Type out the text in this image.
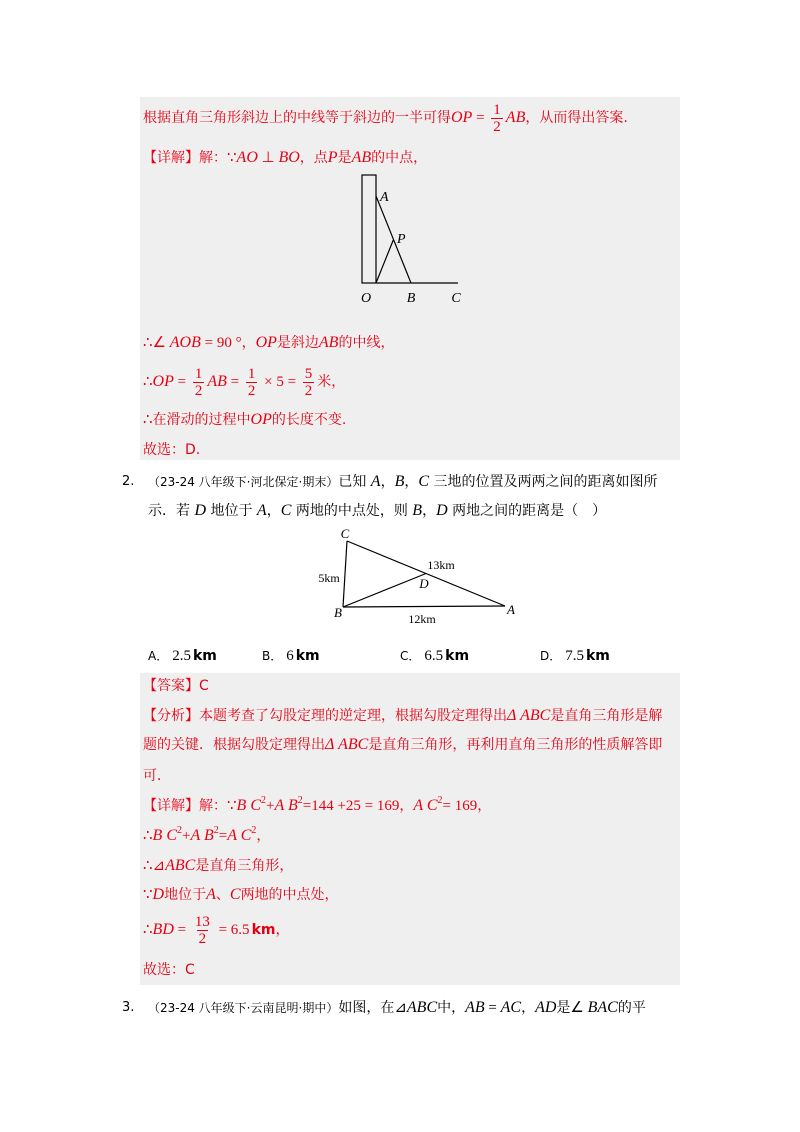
根据直角三角形斜边上的中线等于斜边的一半可得 OP = $\frac{1}{2}$ AB ，从而得出答案.
【详解】解： ∵ AO ⊥ BO ，点 P 是 AB 的中点，
A
P
O	B	C
∴∠ AOB = 90 ° ， OP 是斜边 AB 的中线，
∴ OP = $\frac{1}{2}$ AB = $\frac{1}{2} \times 5 = \frac{5}{2}$ 米，
∴ 在滑动的过程中 OP 的长度不变.
故选：D.
2. （23-24 八年级下·河北保定·期末） 已知 A ， B ， C 三地的位置及两两之间的距离如图所
示．若 D 地位于 A ， C 两地的中点处，则 B ， D 两地之间的距离是（　）
C
B	A
D
5km
13km
12km
A． 2.5 km	B． 6 km	C． 6.5 km	D． 7.5 km
【答案】C
【分析】本题考查了勾股定理的逆定理，根据勾股定理得出 Δ ABC 是直角三角形是解
题的关键．根据勾股定理得出 Δ ABC 是直角三角形，再利用直角三角形的性质解答即
可．
【详解】解： ∵ B C 2 + A B 2 =144 +25 = 169 ， A C 2 = 169 ，
∴ B C 2 + A B 2 = A C 2 ，
∴⊿ ABC 是直角三角形，
∵ D 地位于 A 、 C 两地的中点处，
∴ BD = $\frac{13}{2} = 6.5$ km ，
故选：C
3. （23-24 八年级下·云南昆明·期中） 如图，在 ⊿ ABC 中， AB = AC ， AD 是 ∠ BAC 的平
